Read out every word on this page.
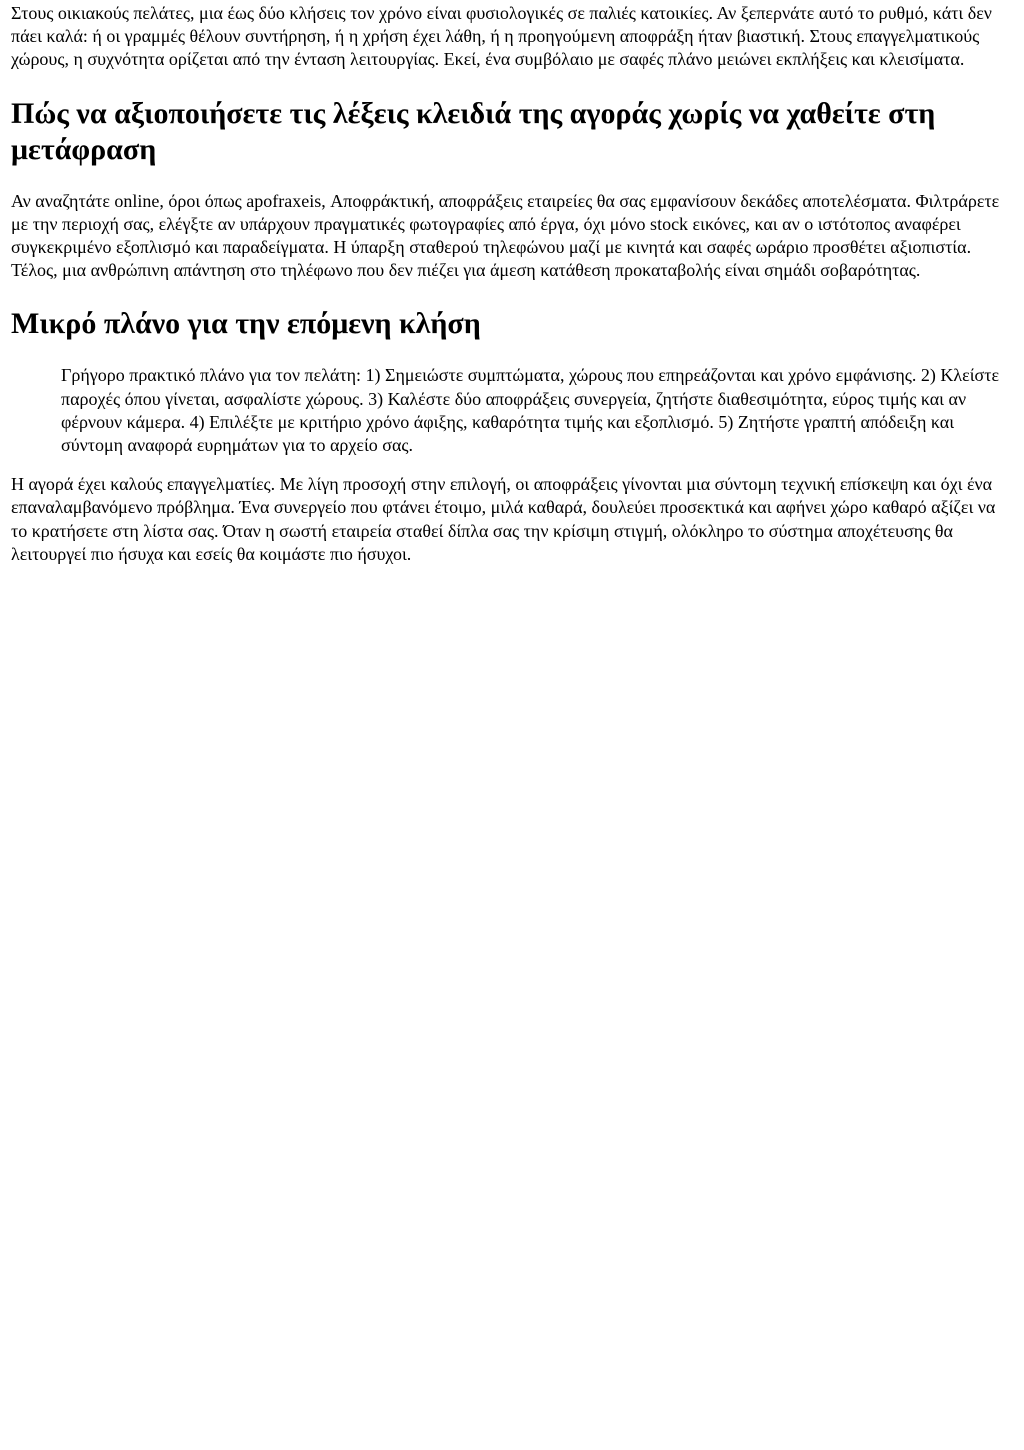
Στους οικιακούς πελάτες, μια έως δύο κλήσεις τον χρόνο είναι φυσιολογικές σε παλιές κατοικίες. Αν ξεπερνάτε αυτό το ρυθμό, κάτι δεν πάει καλά: ή οι γραμμές θέλουν συντήρηση, ή η χρήση έχει λάθη, ή η προηγούμενη αποφράξη ήταν βιαστική. Στους επαγγελματικούς χώρους, η συχνότητα ορίζεται από την ένταση λειτουργίας. Εκεί, ένα συμβόλαιο με σαφές πλάνο μειώνει εκπλήξεις και κλεισίματα.

Πώς να αξιοποιήσετε τις λέξεις κλειδιά της αγοράς χωρίς να χαθείτε στη μετάφραση

Αν αναζητάτε online, όροι όπως apofraxeis, Αποφράκτική, αποφράξεις εταιρείες θα σας εμφανίσουν δεκάδες αποτελέσματα. Φιλτράρετε με την περιοχή σας, ελέγξτε αν υπάρχουν πραγματικές φωτογραφίες από έργα, όχι μόνο stock εικόνες, και αν ο ιστότοπος αναφέρει συγκεκριμένο εξοπλισμό και παραδείγματα. Η ύπαρξη σταθερού τηλεφώνου μαζί με κινητά και σαφές ωράριο προσθέτει αξιοπιστία. Τέλος, μια ανθρώπινη απάντηση στο τηλέφωνο που δεν πιέζει για άμεση κατάθεση προκαταβολής είναι σημάδι σοβαρότητας.

Μικρό πλάνο για την επόμενη κλήση
Γρήγορο πρακτικό πλάνο για τον πελάτη: 1) Σημειώστε συμπτώματα, χώρους που επηρεάζονται και χρόνο εμφάνισης. 2) Κλείστε παροχές όπου γίνεται, ασφαλίστε χώρους. 3) Καλέστε δύο αποφράξεις συνεργεία, ζητήστε διαθεσιμότητα, εύρος τιμής και αν φέρνουν κάμερα. 4) Επιλέξτε με κριτήριο χρόνο άφιξης, καθαρότητα τιμής και εξοπλισμό. 5) Ζητήστε γραπτή απόδειξη και σύντομη αναφορά ευρημάτων για το αρχείο σας.

Η αγορά έχει καλούς επαγγελματίες. Με λίγη προσοχή στην επιλογή, οι αποφράξεις γίνονται μια σύντομη τεχνική επίσκεψη και όχι ένα επαναλαμβανόμενο πρόβλημα. Ένα συνεργείο που φτάνει έτοιμο, μιλά καθαρά, δουλεύει προσεκτικά και αφήνει χώρο καθαρό αξίζει να το κρατήσετε στη λίστα σας. Όταν η σωστή εταιρεία σταθεί δίπλα σας την κρίσιμη στιγμή, ολόκληρο το σύστημα αποχέτευσης θα λειτουργεί πιο ήσυχα και εσείς θα κοιμάστε πιο ήσυχοι.
